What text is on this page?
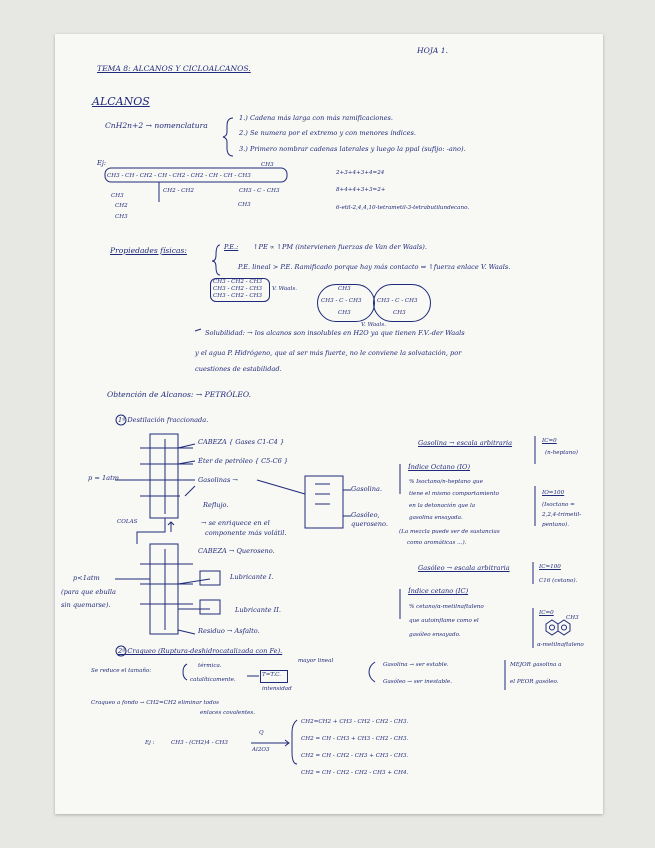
TEMA 8: ALCANOS Y CICLOALCANOS.
HOJA 1.
ALCANOS
CnH2n+2 → nomenclatura
1.) Cadena más larga con más ramificaciones.
2.) Se numera por el extremo y con menores índices.
3.) Primero nombrar cadenas laterales y luego la ppal (sufijo: -ano).
Ej:
CH3 - CH - CH2 - CH - CH2 - CH2 - CH - CH - CH3
CH3
CH2 - CH2	CH3 - C - CH3
CH3
CH2
CH3
CH3
2+3+4+3+4=24
8+4+4+3+3=2+
6-etil-2,4,4,10-tetrametil-3-tetrabutilundecano.
Propiedades físicas:	P.E.: ↑PE ∝ ↑PM (intervienen fuerzas de Van der Waals).
P.E. lineal > P.E. Ramificado porque hay más contacto ⇒ ↑fuerza enlace V. Waals.
CH3 - CH2 - CH3
CH3 - CH2 - CH3
CH3 - CH2 - CH3
V. Waals.	CH3
CH3 - C - CH3
CH3
CH3 - C - CH3
CH3
V. Waals.
Solubilidad: → los alcanos son insolubles en H2O ya que tienen F.V.-der Waals
y el agua P. Hidrógeno, que al ser más fuerte, no le conviene la solvatación, por
cuestiones de estabilidad.
Obtención de Alcanos: → PETRÓLEO.
1º Destilación fraccionada.
p = 1atm
CABEZA { Gases C1-C4 }
Éter de petróleo { C5-C6 }
Gasolinas →
Reflujo.
COLAS	→ se enriquece en el
componente más volátil.
Gasolina.
Gasóleo,
queroseno.
CABEZA → Queroseno.
p<1atm
(para que ebulla
sin quemarse).
Lubricante I.
Lubricante II.
Residuo → Asfalto.
Gasolina → escala arbitraria	IC=0
(n-heptano)
Índice Octano (IO)
% Isoctano/n-heptano que
tiene el mismo comportamiento
en la detonación que la
gasolina ensayada.
IO=100
(Isoctano =
2,2,4-trimetil-
pentano).
(La mezcla puede ser de sustancias
como aromáticas ...).
Gasóleo → escala arbitraria	IC=100
C16 (cetano).
Índice cetano (IC)
% cetano/α-metilnaftaleno
que autoinflame como el
gasóleo ensayado.
IC=0
CH3
α-metilnaftaleno
2º Craqueo (Ruptura-deshidrocatalizada con Fe).
Se reduce el tamaño:
térmica.
catalíticamente.
T=T.C.
intensidad
mayor lineal
Gasolina → ser estable.
Gasóleo → ser inestable.
MEJOR gasolina a
el PEOR gasóleo.
Craqueo a fondo → CH2=CH2 eliminar todos
enlaces covalentes.
Ej :	CH3 - (CH2)4 - CH3
Q
Al2O3
CH2=CH2 + CH3 - CH2 - CH2 - CH3.
CH2 = CH - CH3 + CH3 - CH2 - CH3.
CH2 = CH - CH2 - CH3 + CH3 - CH3.
CH2 = CH - CH2 - CH2 - CH3 + CH4.
